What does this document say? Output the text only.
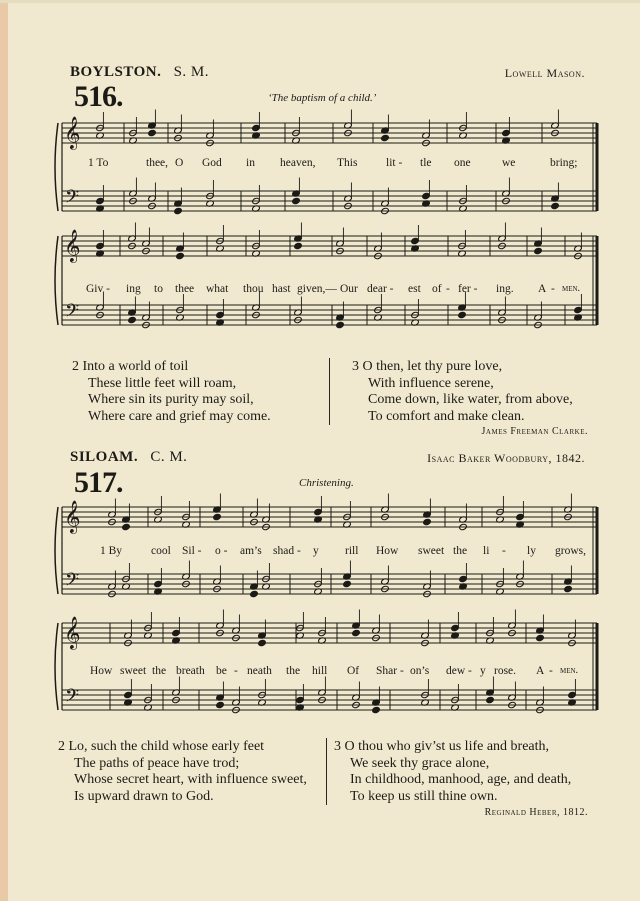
𝄞
𝄢
𝄞
𝄢
𝄞
𝄢
𝄞
𝄢
BOYLSTON. S. M.	Lowell Mason.
516.	‘The baptism of a child.’
1 To	thee, O God in heaven, This lit - tle one	we	bring;
Giv - ing to thee what thou hast given,— Our dear - est of - fer - ing. A - men.
2 Into a world of toil
These little feet will roam,
Where sin its purity may soil,
Where care and grief may come.
3 O then, let thy pure love,
With influence serene,
Come down, like water, from above,
To comfort and make clean.
James Freeman Clarke.
SILOAM. C. M.	Isaac Baker Woodbury, 1842.
517.	Christening.
1 By	cool Sil - o - am’s shad - y rill How sweet the li - ly grows,
How sweet the breath be - neath the hill Of Shar - on’s dew - y rose. A - men.
2 Lo, such the child whose early feet
The paths of peace have trod;
Whose secret heart, with influence sweet,
Is upward drawn to God.
3 O thou who giv’st us life and breath,
We seek thy grace alone,
In childhood, manhood, age, and death,
To keep us still thine own.
Reginald Heber, 1812.
